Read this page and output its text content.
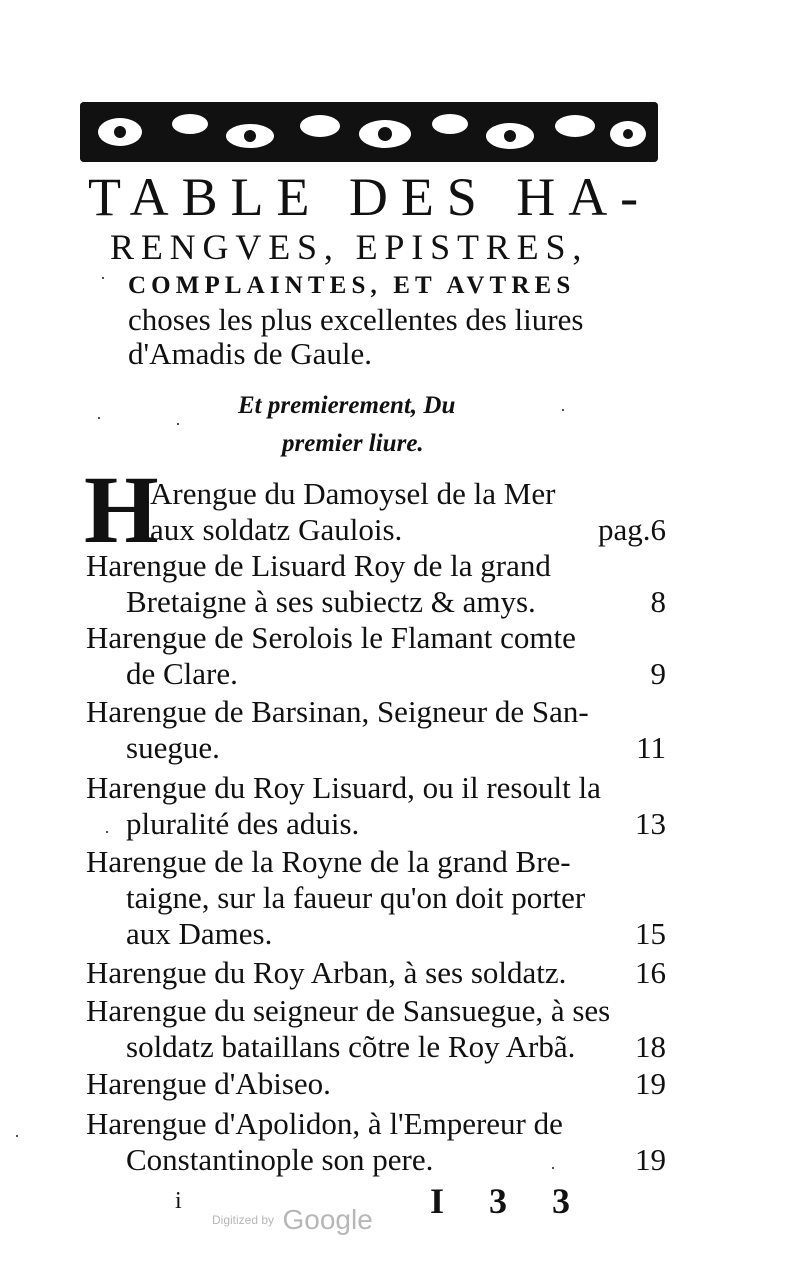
TABLE DES HA-
RENGVES, EPISTRES,
COMPLAINTES, ET AVTRES
choses les plus excellentes des liures
d'Amadis de Gaule.
Et premierement, Du
premier liure.
H
Arengue du Damoysel de la Mer
aux soldatz Gaulois.	pag.6
Harengue de Lisuard Roy de la grand
Bretaigne à ses subiectz & amys.	8
Harengue de Serolois le Flamant comte
de Clare.	9
Harengue de Barsinan, Seigneur de San-
suegue.	11
Harengue du Roy Lisuard, ou il resoult la
pluralité des aduis.	13
Harengue de la Royne de la grand Bre-
taigne, sur la faueur qu'on doit porter
aux Dames.	15
Harengue du Roy Arban, à ses soldatz. 16
Harengue du seigneur de Sansuegue, à ses
soldatz bataillans cõtre le Roy Arbã. 18
Harengue d'Abiseo.	19
Harengue d'Apolidon, à l'Empereur de
Constantinople son pere.	19
i	I 3 3
Digitized by Google
·
·	·
·
·
·
·
